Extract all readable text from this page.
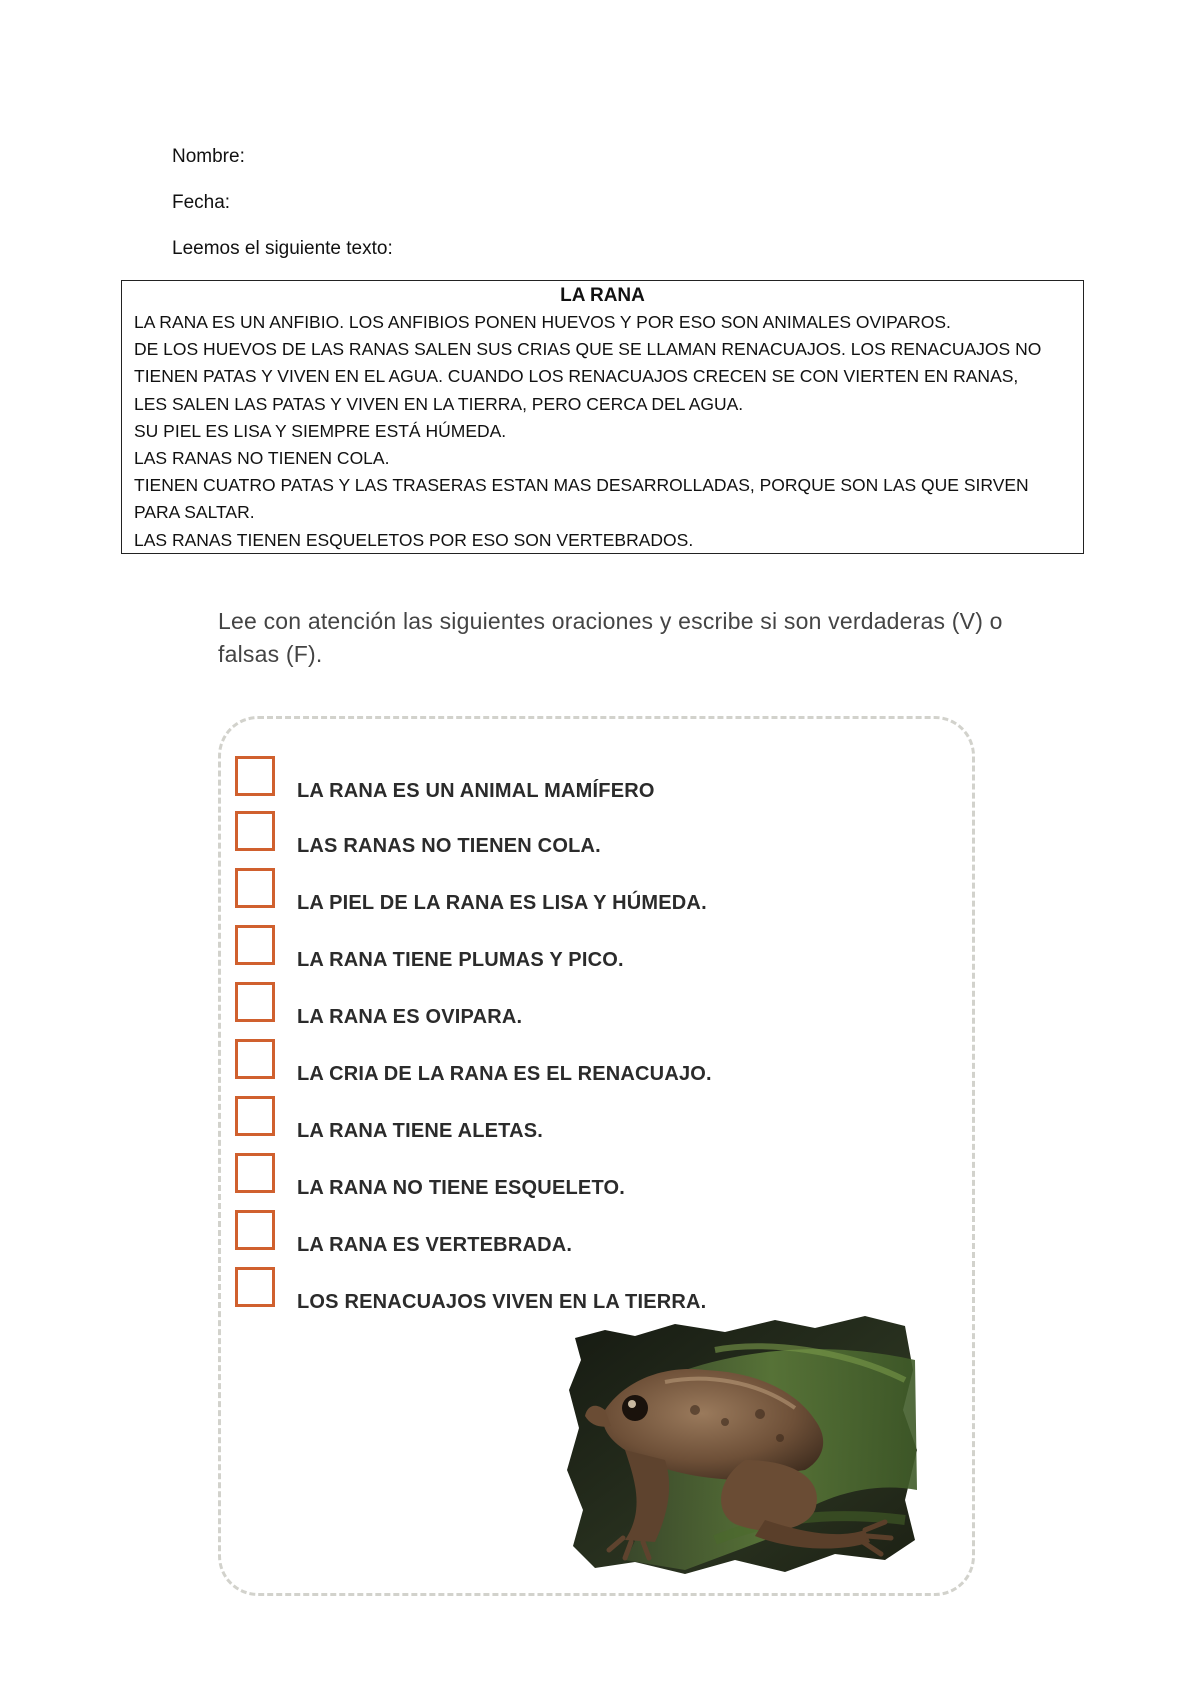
Nombre:
Fecha:
Leemos el siguiente texto:
LA RANA
LA RANA ES UN ANFIBIO. LOS ANFIBIOS PONEN HUEVOS Y POR ESO SON ANIMALES OVIPAROS.
DE LOS HUEVOS DE LAS RANAS SALEN SUS CRIAS QUE SE LLAMAN RENACUAJOS. LOS RENACUAJOS NO
TIENEN PATAS Y VIVEN EN EL AGUA. CUANDO LOS RENACUAJOS CRECEN SE CON VIERTEN EN RANAS,
LES SALEN LAS PATAS Y VIVEN EN LA TIERRA, PERO CERCA DEL AGUA.
SU PIEL ES LISA Y SIEMPRE ESTÁ HÚMEDA.
LAS RANAS NO TIENEN COLA.
TIENEN CUATRO PATAS Y LAS TRASERAS ESTAN MAS DESARROLLADAS, PORQUE SON LAS QUE SIRVEN
PARA SALTAR.
LAS RANAS TIENEN ESQUELETOS POR ESO SON VERTEBRADOS.
Lee con atención las siguientes oraciones y escribe si son verdaderas (V) o falsas (F).
LA RANA ES UN ANIMAL MAMÍFERO
LAS RANAS NO TIENEN COLA.
LA PIEL DE LA RANA ES LISA Y HÚMEDA.
LA RANA TIENE PLUMAS Y PICO.
LA RANA ES OVIPARA.
LA CRIA DE LA RANA ES EL RENACUAJO.
LA RANA TIENE ALETAS.
LA RANA NO TIENE ESQUELETO.
LA RANA ES VERTEBRADA.
LOS RENACUAJOS VIVEN EN LA TIERRA.
